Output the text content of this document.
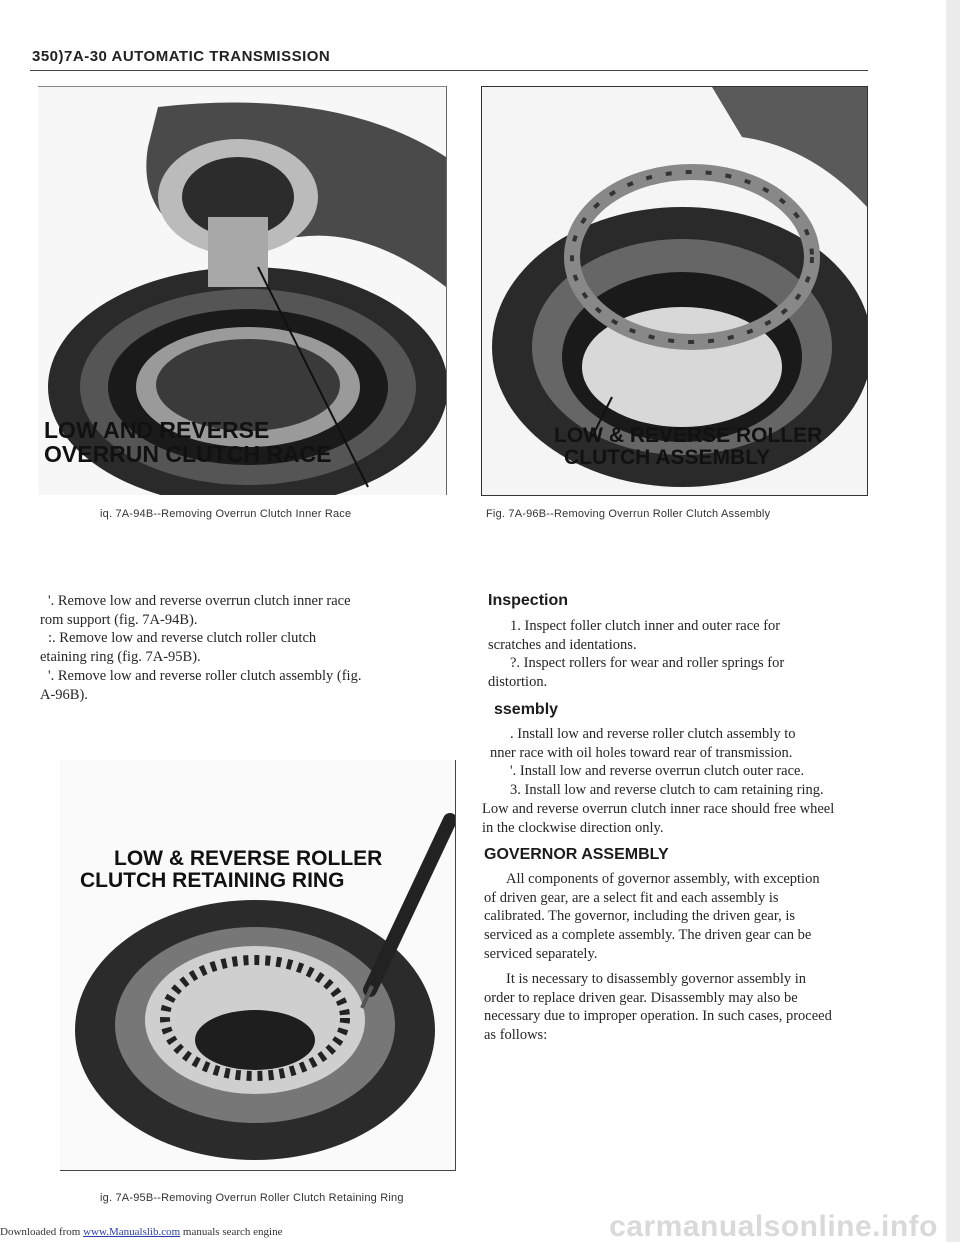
350)7A-30 AUTOMATIC TRANSMISSION
LOW AND REVERSE
OVERRUN CLUTCH RACE
iq. 7A-94B--Removing Overrun Clutch Inner Race
LOW & REVERSE ROLLER
CLUTCH ASSEMBLY
Fig. 7A-96B--Removing Overrun Roller Clutch Assembly

'. Remove low and reverse overrun clutch inner race

rom support (fig. 7A-94B).

:. Remove low and reverse clutch roller clutch

etaining ring (fig. 7A-95B).

'. Remove low and reverse roller clutch assembly (fig.

A-96B).

LOW & REVERSE ROLLER
CLUTCH RETAINING RING
ig. 7A-95B--Removing Overrun Roller Clutch Retaining Ring
Inspection

1. Inspect foller clutch inner and outer race for

scratches and identations.

?. Inspect rollers for wear and roller springs for

distortion.

ssembly

. Install low and reverse roller clutch assembly to

nner race with oil holes toward rear of transmission.

'. Install low and reverse overrun clutch outer race.

3. Install low and reverse clutch to cam retaining ring.

Low and reverse overrun clutch inner race should free wheel

in the clockwise direction only.

GOVERNOR ASSEMBLY

All components of governor assembly, with exception

of driven gear, are a select fit and each assembly is

calibrated. The governor, including the driven gear, is

serviced as a complete assembly. The driven gear can be

serviced separately.

It is necessary to disassembly governor assembly in

order to replace driven gear. Disassembly may also be

necessary due to improper operation. In such cases, proceed

as follows:

Downloaded from www.Manualslib.com manuals search engine	carmanualsonline.info
